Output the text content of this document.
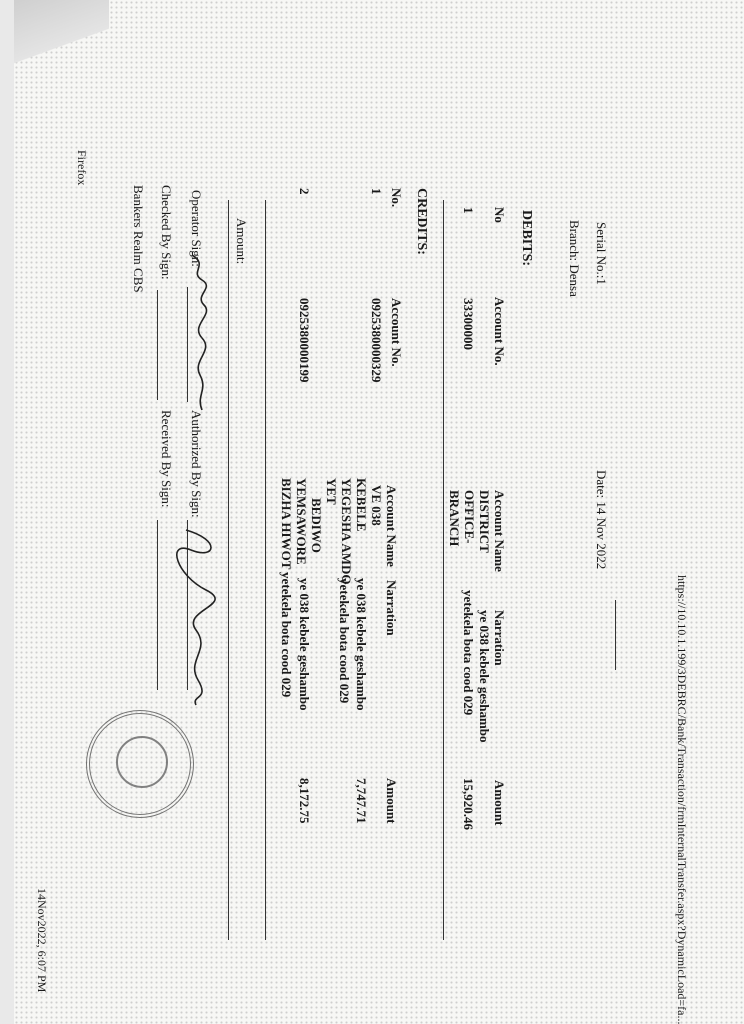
Firefox
https://10.10.1.199/3DEBRC/Bank/Transaction/frmInternalTransfer.aspx?DynamicLoad=fa...
Serial No.:1
Branch: Densa
Date: 14 Nov 2022
DEBITS:
No
Account No.
Account Name
Narration
Amount
1
33300000
DISTRICT
OFFICE-
BRANCH
ye 038 kebele geshambo
yetekela bota cood 029
15,920.46
CREDITS:
No.
Account No.
Account Name
Narration
Amount
1
0925380000329
VE 038
KEBELE
YEGESHA AMDO
YET
BEDIWO
ye 038 kebele geshambo
yetekela bota cood 029
7,747.71
2
0925380000199
YEMSAWORE
BIZHA HIWOT
ye 038 kebele geshambo
yetekela bota cood 029
8,172.75
Amount:
Operator Sign:
Authorized By Sign:
Checked By Sign:
Received By Sign:
Bankers Realm CBS
14Nov2022, 6:07 PM
